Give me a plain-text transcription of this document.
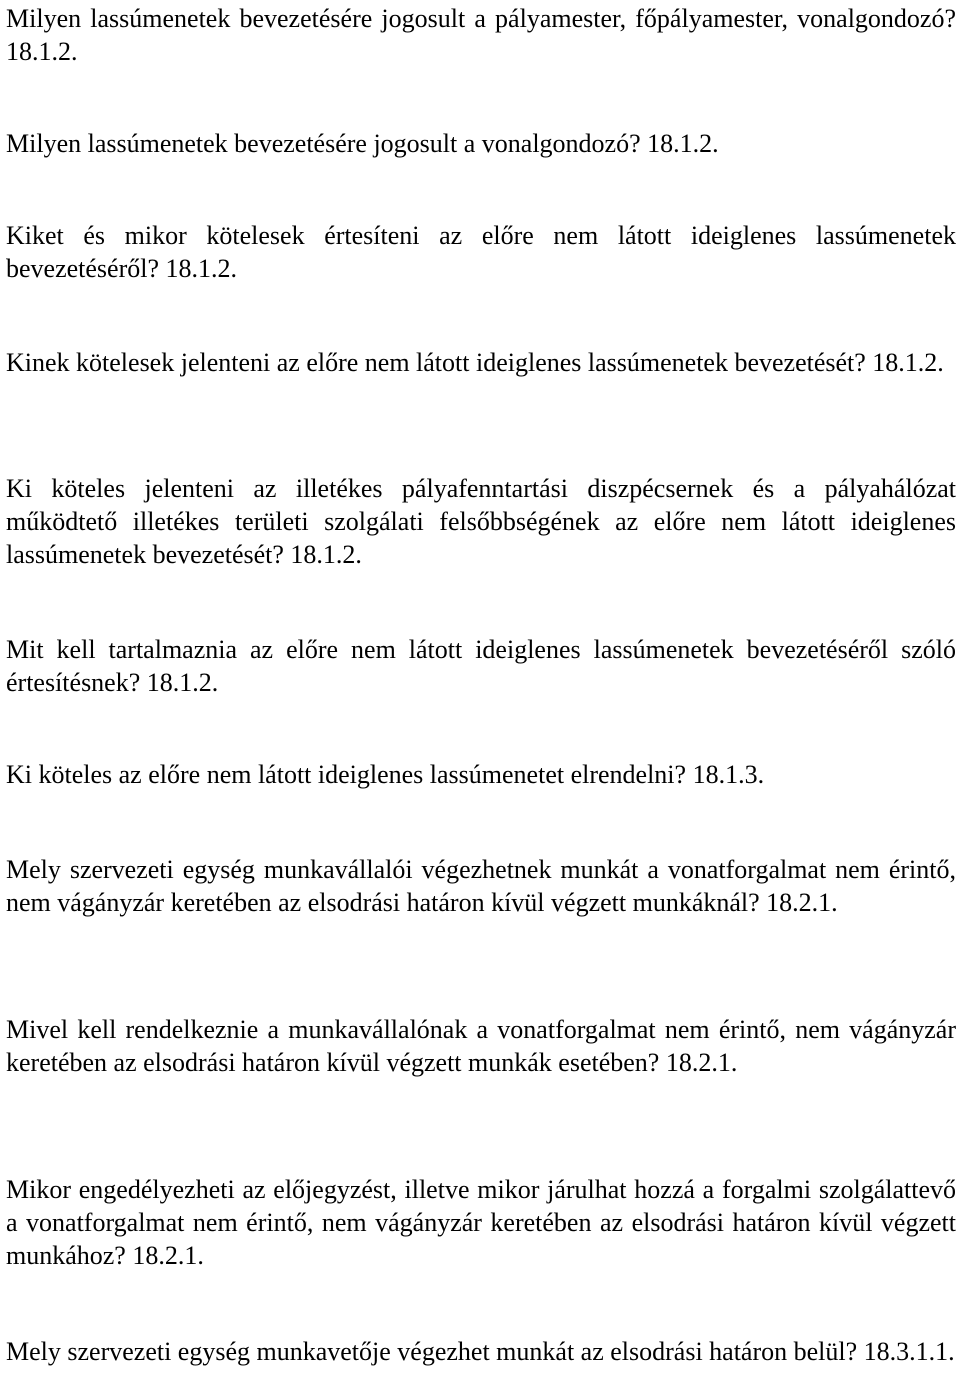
Milyen lassúmenetek bevezetésére jogosult a pályamester, főpályamester, vonalgondozó? 18.1.2.

Milyen lassúmenetek bevezetésére jogosult a vonalgondozó? 18.1.2.

Kiket és mikor kötelesek értesíteni az előre nem látott ideiglenes lassúmenetek bevezetéséről? 18.1.2.

Kinek kötelesek jelenteni az előre nem látott ideiglenes lassúmenetek bevezetését? 18.1.2.

Ki köteles jelenteni az illetékes pályafenntartási diszpécsernek és a pályahálózat működtető illetékes területi szolgálati felsőbbségének az előre nem látott ideiglenes lassúmenetek bevezetését? 18.1.2.

Mit kell tartalmaznia az előre nem látott ideiglenes lassúmenetek bevezetéséről szóló értesítésnek? 18.1.2.

Ki köteles az előre nem látott ideiglenes lassúmenetet elrendelni? 18.1.3.

Mely szervezeti egység munkavállalói végezhetnek munkát a vonatforgalmat nem érintő, nem vágányzár keretében az elsodrási határon kívül végzett munkáknál? 18.2.1.

Mivel kell rendelkeznie a munkavállalónak a vonatforgalmat nem érintő, nem vágányzár keretében az elsodrási határon kívül végzett munkák esetében? 18.2.1.

Mikor engedélyezheti az előjegyzést, illetve mikor járulhat hozzá a forgalmi szolgálattevő a vonatforgalmat nem érintő, nem vágányzár keretében az elsodrási határon kívül végzett munkához? 18.2.1.

Mely szervezeti egység munkavetője végezhet munkát az elsodrási határon belül? 18.3.1.1.
